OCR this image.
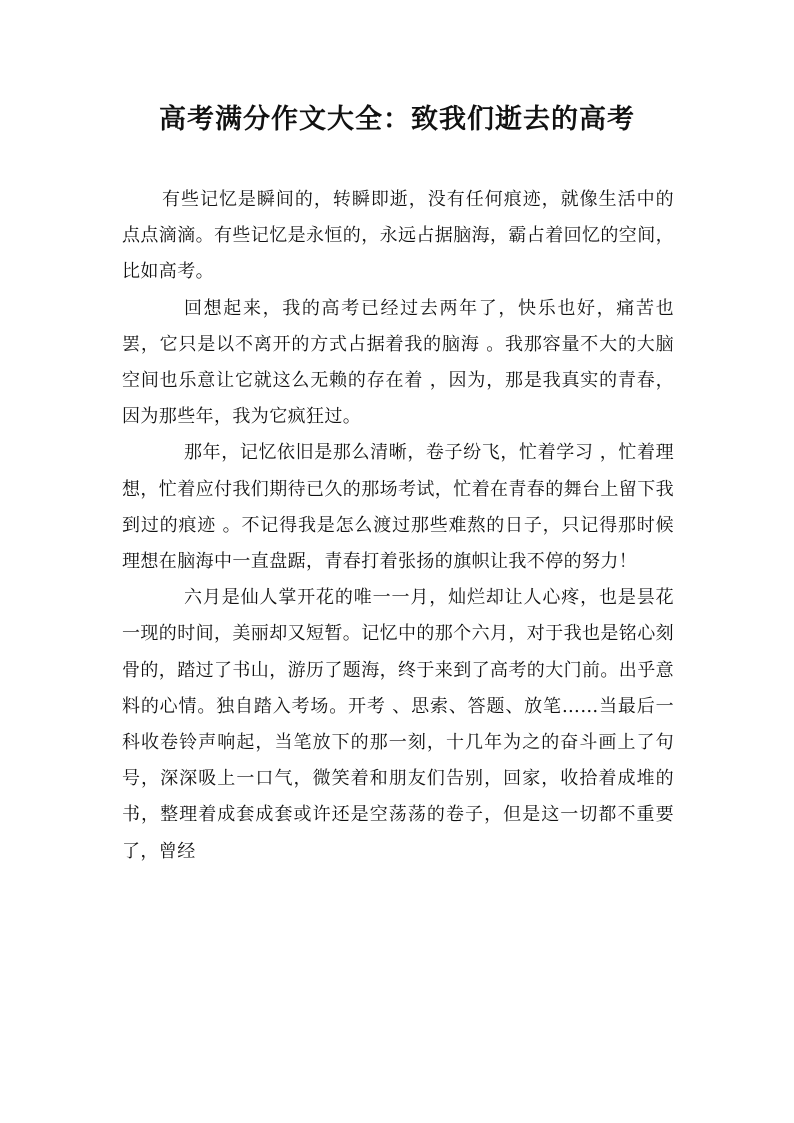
高考满分作文大全：致我们逝去的高考

有些记忆是瞬间的，转瞬即逝，没有任何痕迹，就像生活中的点点滴滴。有些记忆是永恒的，永远占据脑海，霸占着回忆的空间，比如高考。

回想起来，我的高考已经过去两年了，快乐也好，痛苦也罢，它只是以不离开的方式占据着我的脑海 。我那容量不大的大脑空间也乐意让它就这么无赖的存在着 ，因为，那是我真实的青春，因为那些年，我为它疯狂过。

那年，记忆依旧是那么清晰，卷子纷飞，忙着学习 ，忙着理想，忙着应付我们期待已久的那场考试，忙着在青春的舞台上留下我到过的痕迹 。不记得我是怎么渡过那些难熬的日子，只记得那时候理想在脑海中一直盘踞，青春打着张扬的旗帜让我不停的努力！

六月是仙人掌开花的唯一一月，灿烂却让人心疼，也是昙花一现的时间，美丽却又短暂。记忆中的那个六月，对于我也是铭心刻骨的，踏过了书山，游历了题海，终于来到了高考的大门前。出乎意料的心情。独自踏入考场。开考 、思索、答题、放笔……当最后一科收卷铃声响起，当笔放下的那一刻，十几年为之的奋斗画上了句号，深深吸上一口气，微笑着和朋友们告别，回家，收拾着成堆的书，整理着成套成套或许还是空荡荡的卷子，但是这一切都不重要了，曾经
